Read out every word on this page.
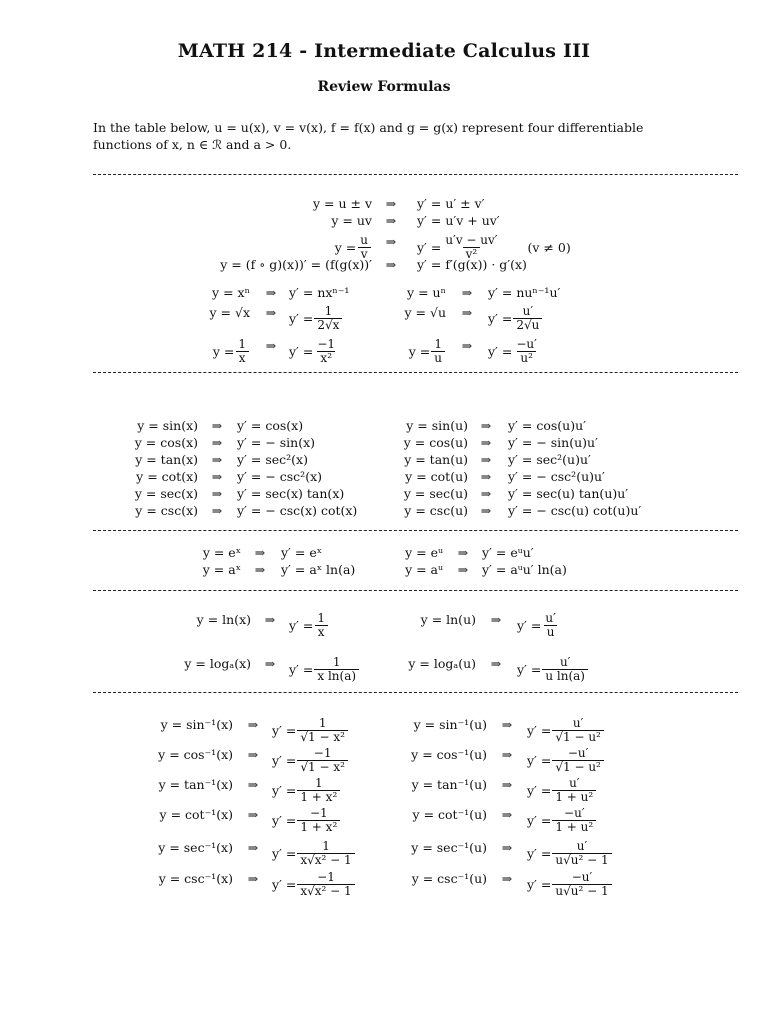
MATH 214 - Intermediate Calculus III
Review Formulas
In the table below, u = u(x), v = v(x), f = f(x) and g = g(x) represent four differentiable functions of x, n ∈ ℛ and a > 0.
y = u ± v	⇒	y′ = u′ ± v′
y = uv	⇒	y′ = u′v + uv′
$y = \frac{u}{v}$	⇒	$y' = \frac{u'v - uv'}{\text{v²}} (v \ne 0)$
y = (f ∘ g)(x))′ = (f(g(x))′	⇒	y′ = f′(g(x)) · g′(x)
y = xⁿ	⇒	y′ = nxⁿ⁻¹
y = √x	⇒	$y' = \frac{1}{2√x}$
$y = \frac{1}{x}$	⇒	$y' = \frac{-1}{\text{x²}}$
y = uⁿ	⇒	y′ = nuⁿ⁻¹u′
y = √u	⇒	$y' = \frac{u'}{2√u}$
$y = \frac{1}{u}$	⇒	$y' = \frac{-u'}{\text{u²}}$
y = sin(x)	⇒	y′ = cos(x)
y = cos(x)	⇒	y′ = − sin(x)
y = tan(x)	⇒	y′ = sec²(x)
y = cot(x)	⇒	y′ = − csc²(x)
y = sec(x)	⇒	y′ = sec(x) tan(x)
y = csc(x)	⇒	y′ = − csc(x) cot(x)
y = sin(u)	⇒	y′ = cos(u)u′
y = cos(u)	⇒	y′ = − sin(u)u′
y = tan(u)	⇒	y′ = sec²(u)u′
y = cot(u)	⇒	y′ = − csc²(u)u′
y = sec(u)	⇒	y′ = sec(u) tan(u)u′
y = csc(u)	⇒	y′ = − csc(u) cot(u)u′
y = eˣ	⇒	y′ = eˣ
y = aˣ	⇒	y′ = aˣ ln(a)
y = eᵘ	⇒	y′ = eᵘu′
y = aᵘ	⇒	y′ = aᵘu′ ln(a)
y = ln(x)	⇒	$y' = \frac{1}{x}$
y = logₐ(x)	⇒	$y' = \frac{1}{\text{x ln(a)}}$
y = ln(u)	⇒	$y' = \frac{u'}{u}$
y = logₐ(u)	⇒	$y' = \frac{u'}{\text{u ln(a)}}$
y = sin⁻¹(x)	⇒	$y' = \frac{1}{\text{√1 − x²}}$
y = cos⁻¹(x)	⇒	$y' = \frac{-1}{\text{√1 − x²}}$
y = tan⁻¹(x)	⇒	$y' = \frac{1}{\text{1 + x²}}$
y = cot⁻¹(x)	⇒	$y' = \frac{-1}{\text{1 + x²}}$
y = sec⁻¹(x)	⇒	$y' = \frac{1}{\text{x√x² − 1}}$
y = csc⁻¹(x)	⇒	$y' = \frac{-1}{\text{x√x² − 1}}$
y = sin⁻¹(u)	⇒	$y' = \frac{u'}{\text{√1 − u²}}$
y = cos⁻¹(u)	⇒	$y' = \frac{-u'}{\text{√1 − u²}}$
y = tan⁻¹(u)	⇒	$y' = \frac{u'}{\text{1 + u²}}$
y = cot⁻¹(u)	⇒	$y' = \frac{-u'}{\text{1 + u²}}$
y = sec⁻¹(u)	⇒	$y' = \frac{u'}{\text{u√u² − 1}}$
y = csc⁻¹(u)	⇒	$y' = \frac{-u'}{\text{u√u² − 1}}$
